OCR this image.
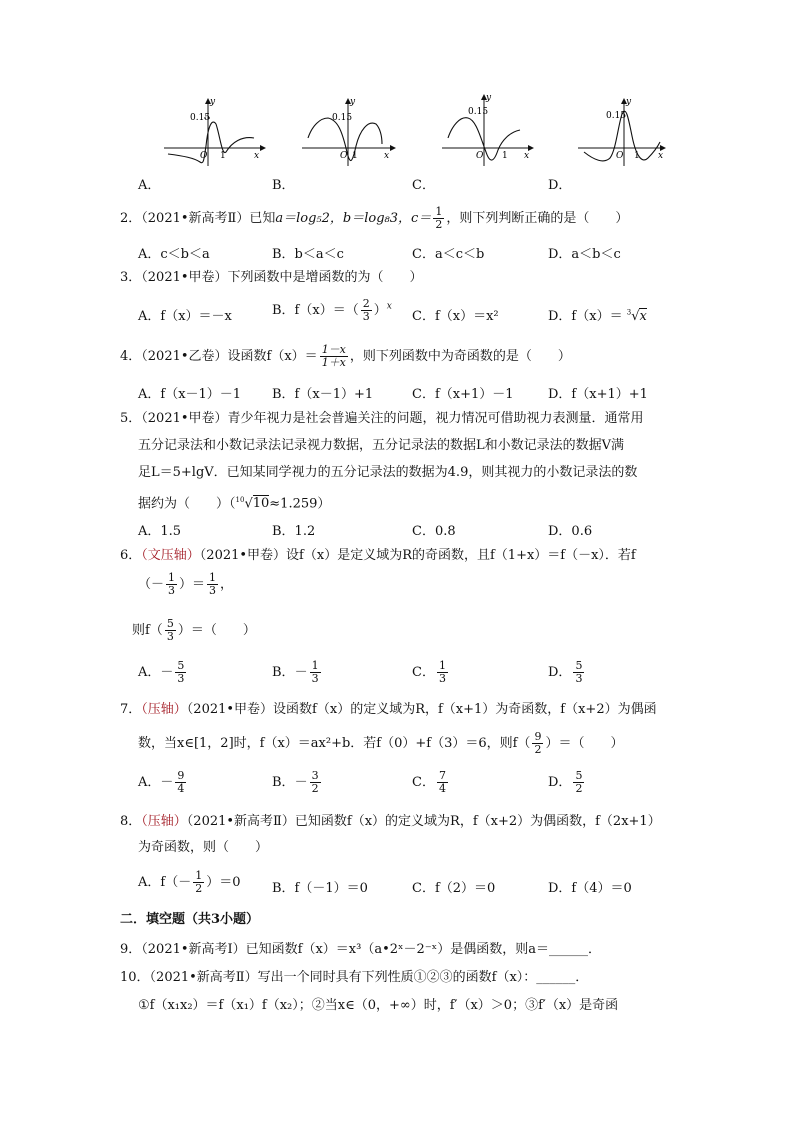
y
0.15
O 1	x
A．
y
0.15
O 1	x
B．
y
0.15
O 1 x
C．
y
0.15
O 1 x
D．
2．（2021•新高考Ⅱ）已知a＝log₅2，b＝log₈3，$c= \frac{1}{2}$ ，则下列判断正确的是（　　）
A．c＜b＜a	B．b＜a＜c	C．a＜c＜b	D．a＜b＜c
3．（2021•甲卷）下列函数中是增函数的为（　　）
A．f（x）＝－x	B．$f(x)=( \frac{2}{3} )^x$
C．f（x）＝x²	D．f（x）＝ $^3$√x
4．（2021•乙卷）设函数$f(x)= \frac{1-x}{1+x}$ ，则下列函数中为奇函数的是（　　）
A．f（x－1）－1 B．f（x－1）+1	C．f（x+1）－1	D．f（x+1）+1
5．（2021•甲卷）青少年视力是社会普遍关注的问题，视力情况可借助视力表测量．通常用
五分记录法和小数记录法记录视力数据，五分记录法的数据L和小数记录法的数据V满
足L＝5+lgV．已知某同学视力的五分记录法的数据为4.9，则其视力的小数记录法的数
据约为（　　）（$^{10}$√10≈1.259）
A．1.5	B．1.2	C．0.8	D．0.6
6．（文压轴）（2021•甲卷）设f（x）是定义域为R的奇函数，且f（1+x）＝f（－x）．若f
（－ $\frac{1}{3}$ ）＝ $\frac{1}{3}$ ，
则$f( \frac{5}{3}$ ）＝（　　）
A．－ $\frac{5}{3}$	B．－ $\frac{1}{3}$	C． $\frac{1}{3}$	D． $\frac{5}{3}$
7．（压轴）（2021•甲卷）设函数f（x）的定义域为R，f（x+1）为奇函数，f（x+2）为偶函
数，当x∈[1，2]时，f（x）＝ax²+b．若f（0）+f（3）＝6，则$f( \frac{9}{2}$ ）＝（　　）
A．－ $\frac{9}{4}$	B．－ $\frac{3}{2}$	C． $\frac{7}{4}$	D． $\frac{5}{2}$
8．（压轴）（2021•新高考Ⅱ）已知函数f（x）的定义域为R，f（x+2）为偶函数，f（2x+1）
为奇函数，则（　　）
A．$f(- \frac{1}{2} )=0$ B．f（－1）＝0	C．f（2）＝0	D．f（4）＝0
二．填空题（共3小题）
9．（2021•新高考Ⅰ）已知函数f（x）＝x³（a•2ˣ－2⁻ˣ）是偶函数，则a＝______．
10．（2021•新高考Ⅱ）写出一个同时具有下列性质①②③的函数f（x）：______．
①f（x₁x₂）＝f（x₁）f（x₂）；②当x∈（0，+∞）时，f′（x）＞0；③f′（x）是奇函
